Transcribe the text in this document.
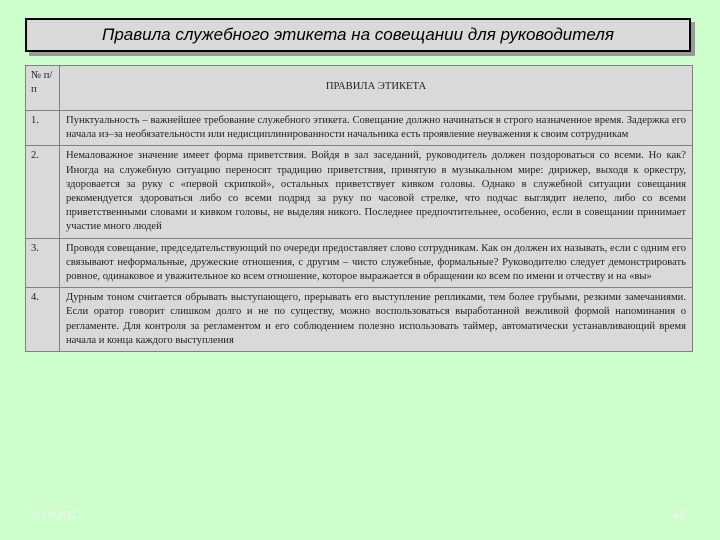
Правила служебного этикета на совещании для руководителя
№ п/п	ПРАВИЛА ЭТИКЕТА
1.	Пунктуальность – важнейшее требование служебного этикета. Совещание должно начинаться в строго назначенное время. Задержка его начала из–за необязательности или недисциплинированности начальника есть проявление неуважения к своим сотрудникам
2.	Немаловажное значение имеет форма приветствия. Войдя в зал заседаний, руководитель должен поздороваться со всеми. Но как? Иногда на служебную ситуацию переносят традицию приветствия, принятую в музыкальном мире: дирижер, выходя к оркестру, здоровается за руку с «первой скрипкой», остальных приветствует кивком головы. Однако в служебной ситуации совещания рекомендуется здороваться либо со всеми подряд за руку по часовой стрелке, что подчас выглядит нелепо, либо со всеми приветственными словами и кивком головы, не выделяя никого. Последнее предпочтительнее, особенно, если в совещании принимает участие много людей
3.	Проводя совещание, председательствующий по очереди предоставляет слово сотрудникам. Как он должен их называть, если с одним его связывают неформальные, дружеские отношения, с другим – чисто служебные, формальные? Руководителю следует демонстрировать ровное, одинаковое и уважительное ко всем отношение, которое выражается в обращении ко всем по имени и отчеству и на «вы»
4.	Дурным тоном считается обрывать выступающего, прерывать его выступление репликами, тем более грубыми, резкими замечаниями. Если оратор говорит слишком долго и не по существу, можно воспользоваться выработанной вежливой формой напоминания о регламенте. Для контроля за регламентом и его соблюдением полезно использовать таймер, автоматически устанавливающий время начала и конца каждого выступления
2/17/2012	46
